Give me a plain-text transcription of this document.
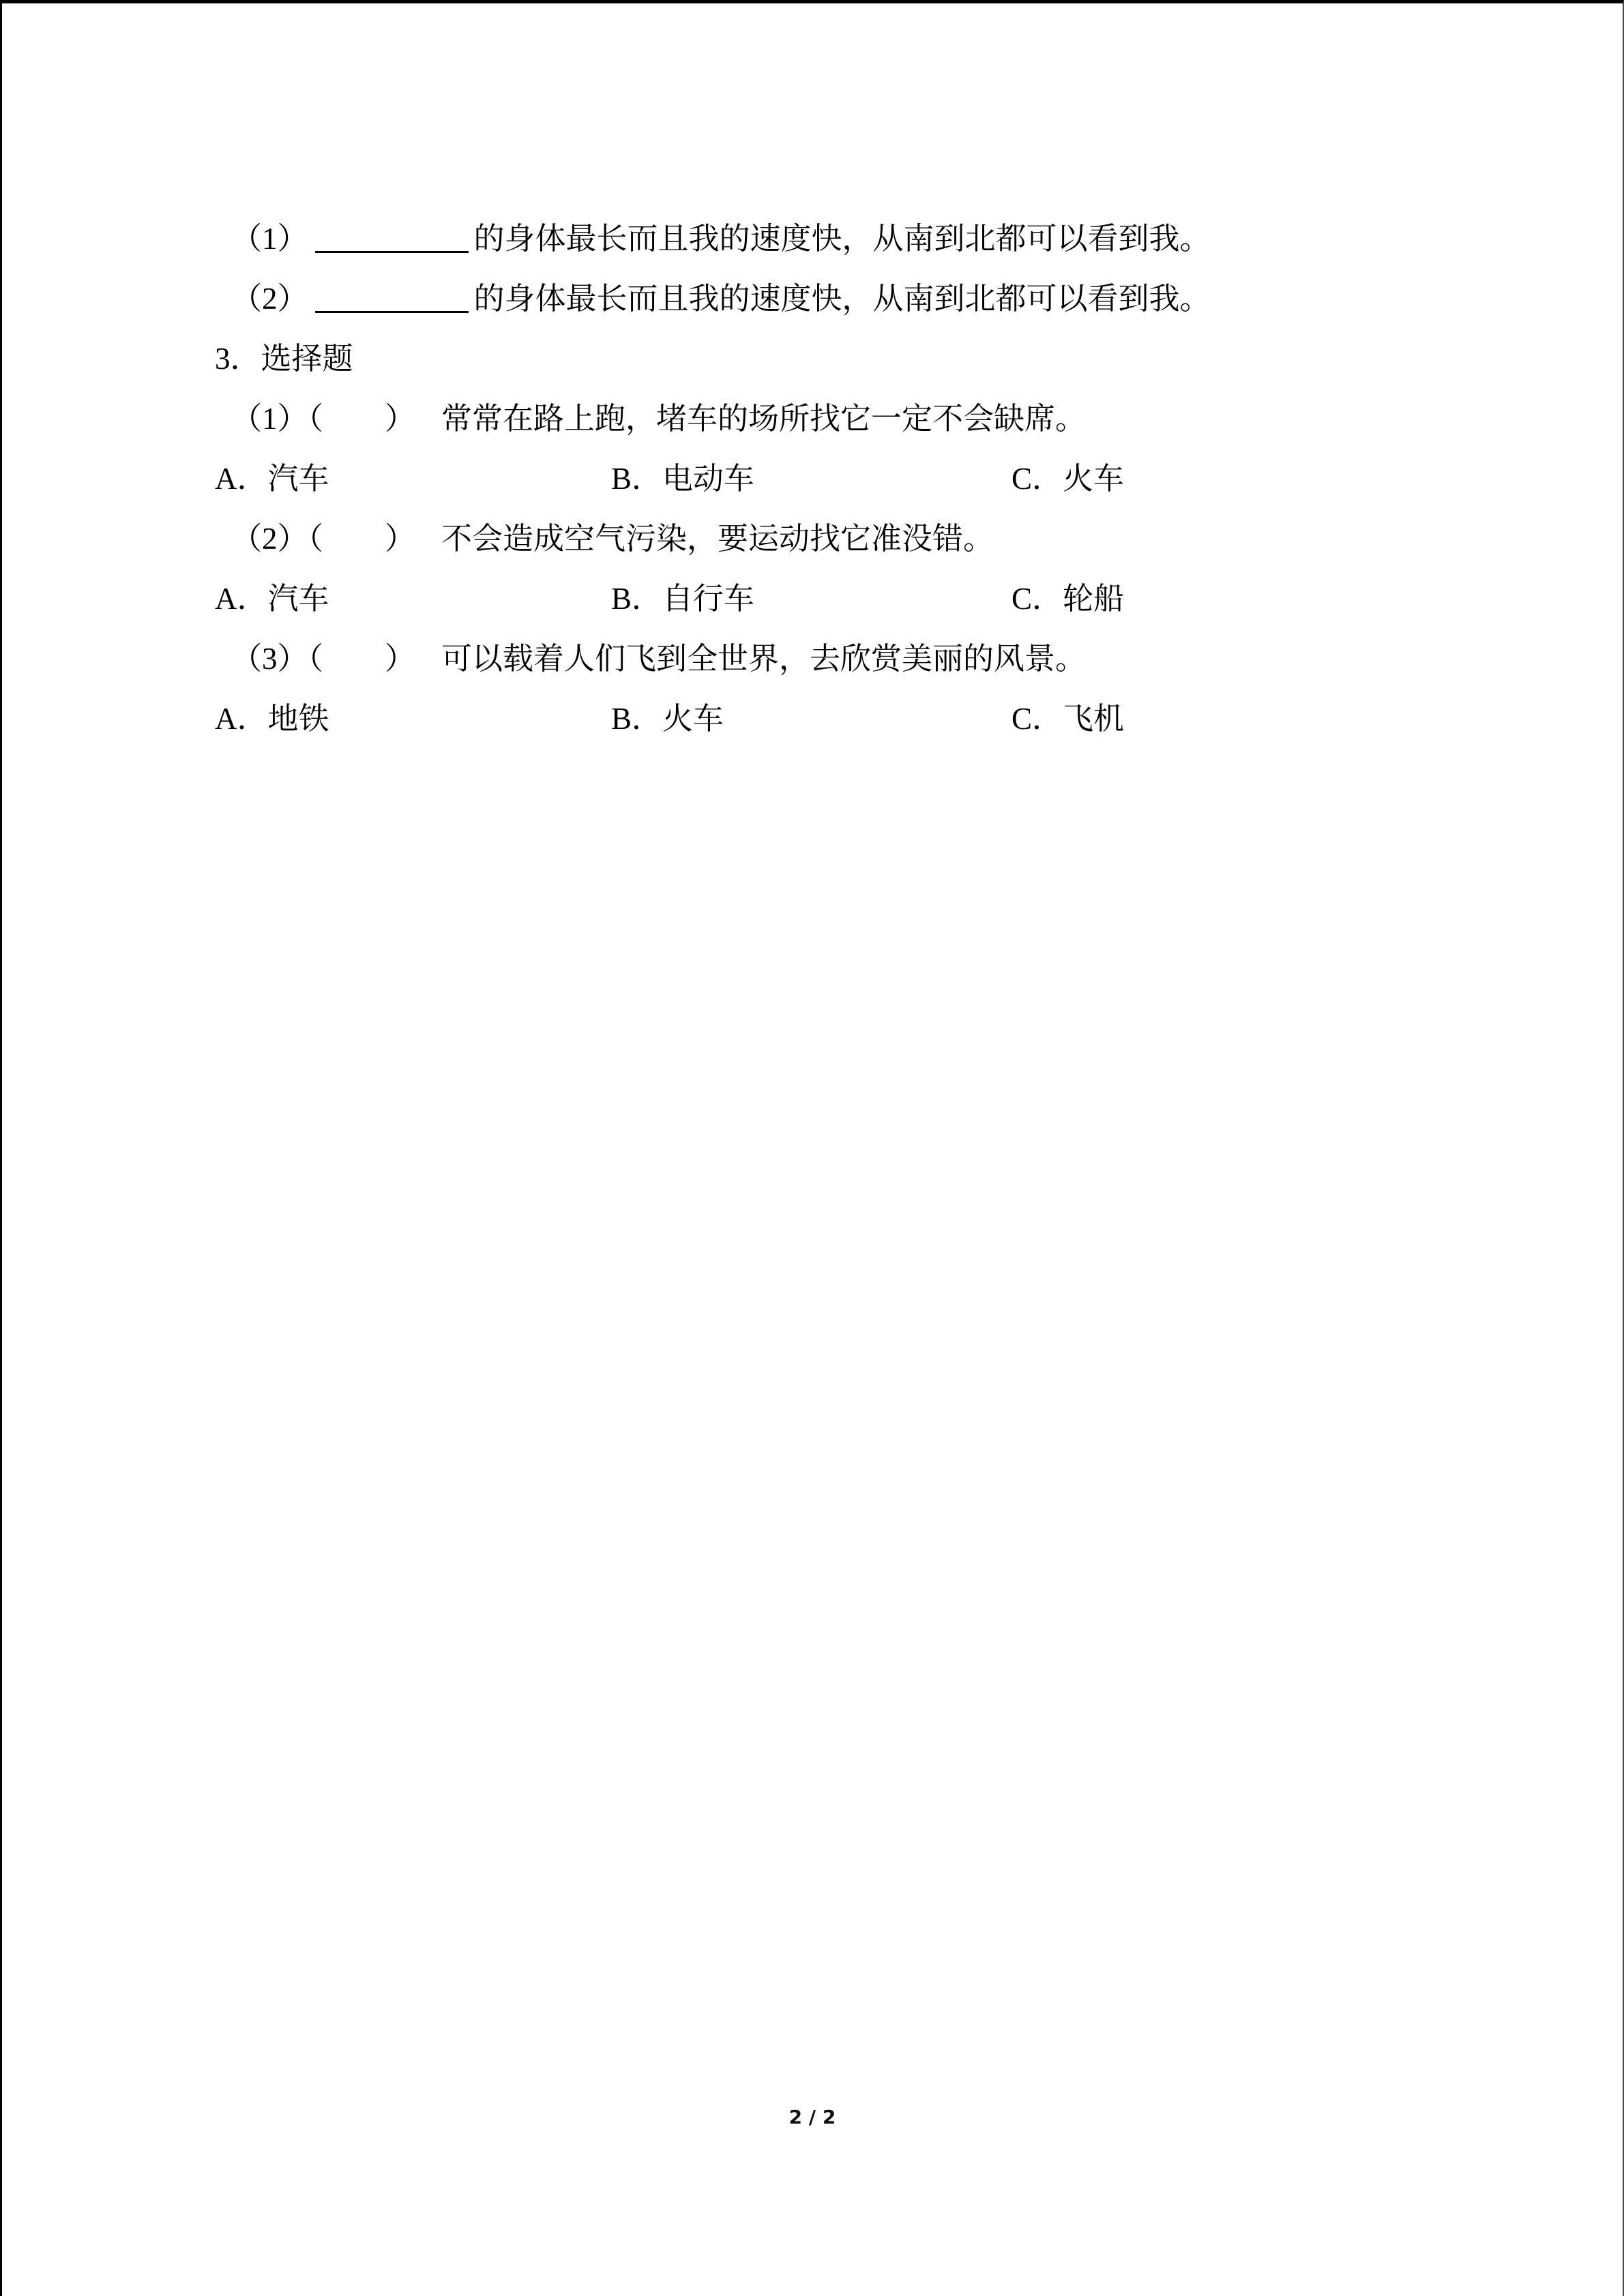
（1）	的身体最长而且我的速度快，从南到北都可以看到我。
（2）	的身体最长而且我的速度快，从南到北都可以看到我。
3．选择题
（1）（　　） 常常在路上跑，堵车的场所找它一定不会缺席。
A．汽车	B．电动车	C．火车
（2）（　　） 不会造成空气污染，要运动找它准没错。
A．汽车	B．自行车	C．轮船
（3）（　　） 可以载着人们飞到全世界，去欣赏美丽的风景。
A．地铁	B．火车	C．飞机
2 / 2
